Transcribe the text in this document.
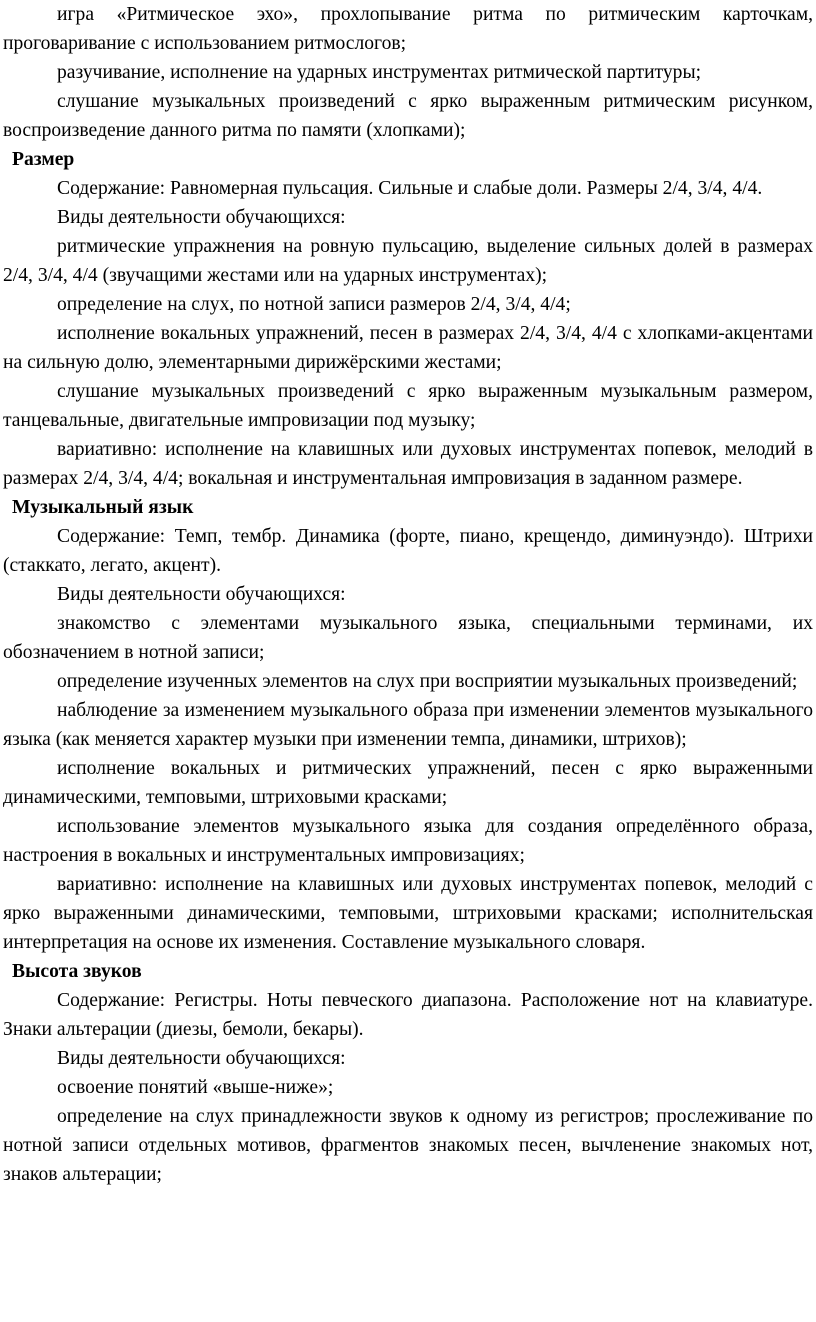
игра «Ритмическое эхо», прохлопывание ритма по ритмическим карточкам, проговаривание с использованием ритмослогов;

разучивание, исполнение на ударных инструментах ритмической партитуры;

слушание музыкальных произведений с ярко выраженным ритмическим рисунком, воспроизведение данного ритма по памяти (хлопками);

Размер

Содержание: Равномерная пульсация. Сильные и слабые доли. Размеры 2/4, 3/4, 4/4.

Виды деятельности обучающихся:

ритмические упражнения на ровную пульсацию, выделение сильных долей в размерах 2/4, 3/4, 4/4 (звучащими жестами или на ударных инструментах);

определение на слух, по нотной записи размеров 2/4, 3/4, 4/4;

исполнение вокальных упражнений, песен в размерах 2/4, 3/4, 4/4 с хлопками-акцентами на сильную долю, элементарными дирижёрскими жестами;

слушание музыкальных произведений с ярко выраженным музыкальным размером, танцевальные, двигательные импровизации под музыку;

вариативно: исполнение на клавишных или духовых инструментах попевок, мелодий в размерах 2/4, 3/4, 4/4; вокальная и инструментальная импровизация в заданном размере.

Музыкальный язык

Содержание: Темп, тембр. Динамика (форте, пиано, крещендо, диминуэндо). Штрихи (стаккато, легато, акцент).

Виды деятельности обучающихся:

знакомство с элементами музыкального языка, специальными терминами, их обозначением в нотной записи;

определение изученных элементов на слух при восприятии музыкальных произведений;

наблюдение за изменением музыкального образа при изменении элементов музыкального языка (как меняется характер музыки при изменении темпа, динамики, штрихов);

исполнение вокальных и ритмических упражнений, песен с ярко выраженными динамическими, темповыми, штриховыми красками;

использование элементов музыкального языка для создания определённого образа, настроения в вокальных и инструментальных импровизациях;

вариативно: исполнение на клавишных или духовых инструментах попевок, мелодий с ярко выраженными динамическими, темповыми, штриховыми красками; исполнительская интерпретация на основе их изменения. Составление музыкального словаря.

Высота звуков

Содержание: Регистры. Ноты певческого диапазона. Расположение нот на клавиатуре. Знаки альтерации (диезы, бемоли, бекары).

Виды деятельности обучающихся:

освоение понятий «выше-ниже»;

определение на слух принадлежности звуков к одному из регистров; прослеживание по нотной записи отдельных мотивов, фрагментов знакомых песен, вычленение знакомых нот, знаков альтерации;
